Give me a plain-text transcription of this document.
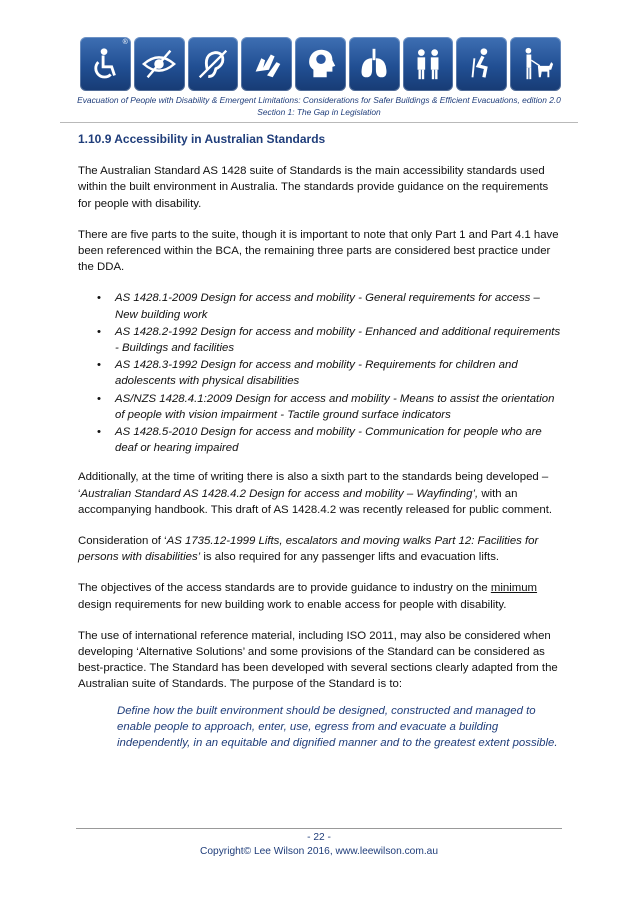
®
Evacuation of People with Disability & Emergent Limitations: Considerations for Safer Buildings & Efficient Evacuations, edition 2.0
Section 1: The Gap in Legislation
1.10.9 Accessibility in Australian Standards

The Australian Standard AS 1428 suite of Standards is the main accessibility standards used within the built environment in Australia. The standards provide guidance on the requirements for people with disability.

There are five parts to the suite, though it is important to note that only Part 1 and Part 4.1 have been referenced within the BCA, the remaining three parts are considered best practice under the DDA.

• AS 1428.1-2009 Design for access and mobility - General requirements for access – New building work
• AS 1428.2-1992 Design for access and mobility - Enhanced and additional requirements - Buildings and facilities
• AS 1428.3-1992 Design for access and mobility - Requirements for children and adolescents with physical disabilities
• AS/NZS 1428.4.1:2009 Design for access and mobility - Means to assist the orientation of people with vision impairment - Tactile ground surface indicators
• AS 1428.5-2010 Design for access and mobility - Communication for people who are deaf or hearing impaired

Additionally, at the time of writing there is also a sixth part to the standards being developed – ‘Australian Standard AS 1428.4.2 Design for access and mobility – Wayfinding’, with an accompanying handbook. This draft of AS 1428.4.2 was recently released for public comment.

Consideration of ‘AS 1735.12-1999 Lifts, escalators and moving walks Part 12: Facilities for persons with disabilities’ is also required for any passenger lifts and evacuation lifts.

The objectives of the access standards are to provide guidance to industry on the minimum design requirements for new building work to enable access for people with disability.

The use of international reference material, including ISO 2011, may also be considered when developing ‘Alternative Solutions’ and some provisions of the Standard can be considered as best-practice. The Standard has been developed with several sections clearly adapted from the Australian suite of Standards. The purpose of the Standard is to:

Define how the built environment should be designed, constructed and managed to enable people to approach, enter, use, egress from and evacuate a building independently, in an equitable and dignified manner and to the greatest extent possible.
- 22 -
Copyright© Lee Wilson 2016, www.leewilson.com.au
